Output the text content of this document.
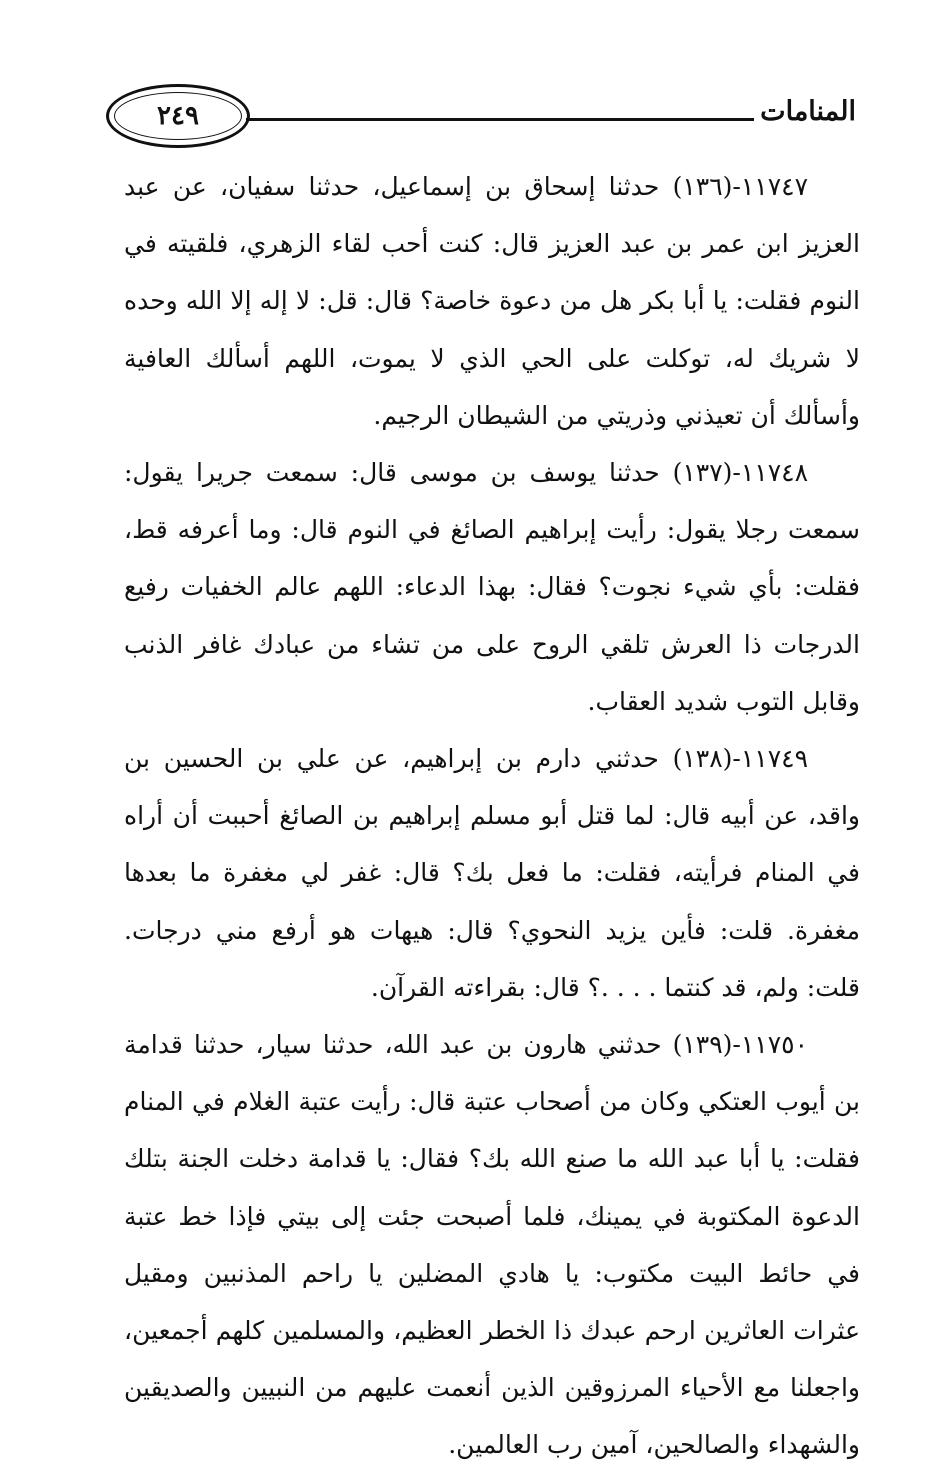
٢٤٩	المنامات

١١٧٤٧-(١٣٦) حدثنا إسحاق بن إسماعيل، حدثنا سفيان، عن عبد العزيز ابن عمر بن عبد العزيز قال: كنت أحب لقاء الزهري، فلقيته في النوم فقلت: يا أبا بكر هل من دعوة خاصة؟ قال: قل: لا إله إلا الله وحده لا شريك له، توكلت على الحي الذي لا يموت، اللهم أسألك العافية وأسألك أن تعيذني وذريتي من الشيطان الرجيم.

١١٧٤٨-(١٣٧) حدثنا يوسف بن موسى قال: سمعت جريرا يقول: سمعت رجلا يقول: رأيت إبراهيم الصائغ في النوم قال: وما أعرفه قط، فقلت: بأي شيء نجوت؟ فقال: بهذا الدعاء: اللهم عالم الخفيات رفيع الدرجات ذا العرش تلقي الروح على من تشاء من عبادك غافر الذنب وقابل التوب شديد العقاب.

١١٧٤٩-(١٣٨) حدثني دارم بن إبراهيم، عن علي بن الحسين بن واقد، عن أبيه قال: لما قتل أبو مسلم إبراهيم بن الصائغ أحببت أن أراه في المنام فرأيته، فقلت: ما فعل بك؟ قال: غفر لي مغفرة ما بعدها مغفرة. قلت: فأين يزيد النحوي؟ قال: هيهات هو أرفع مني درجات. قلت: ولم، قد كنتما . . . .؟ قال: بقراءته القرآن.

١١٧٥٠-(١٣٩) حدثني هارون بن عبد الله، حدثنا سيار، حدثنا قدامة بن أيوب العتكي وكان من أصحاب عتبة قال: رأيت عتبة الغلام في المنام فقلت: يا أبا عبد الله ما صنع الله بك؟ فقال: يا قدامة دخلت الجنة بتلك الدعوة المكتوبة في يمينك، فلما أصبحت جئت إلى بيتي فإذا خط عتبة في حائط البيت مكتوب: يا هادي المضلين يا راحم المذنبين ومقيل عثرات العاثرين ارحم عبدك ذا الخطر العظيم، والمسلمين كلهم أجمعين، واجعلنا مع الأحياء المرزوقين الذين أنعمت عليهم من النبيين والصديقين والشهداء والصالحين، آمين رب العالمين.
